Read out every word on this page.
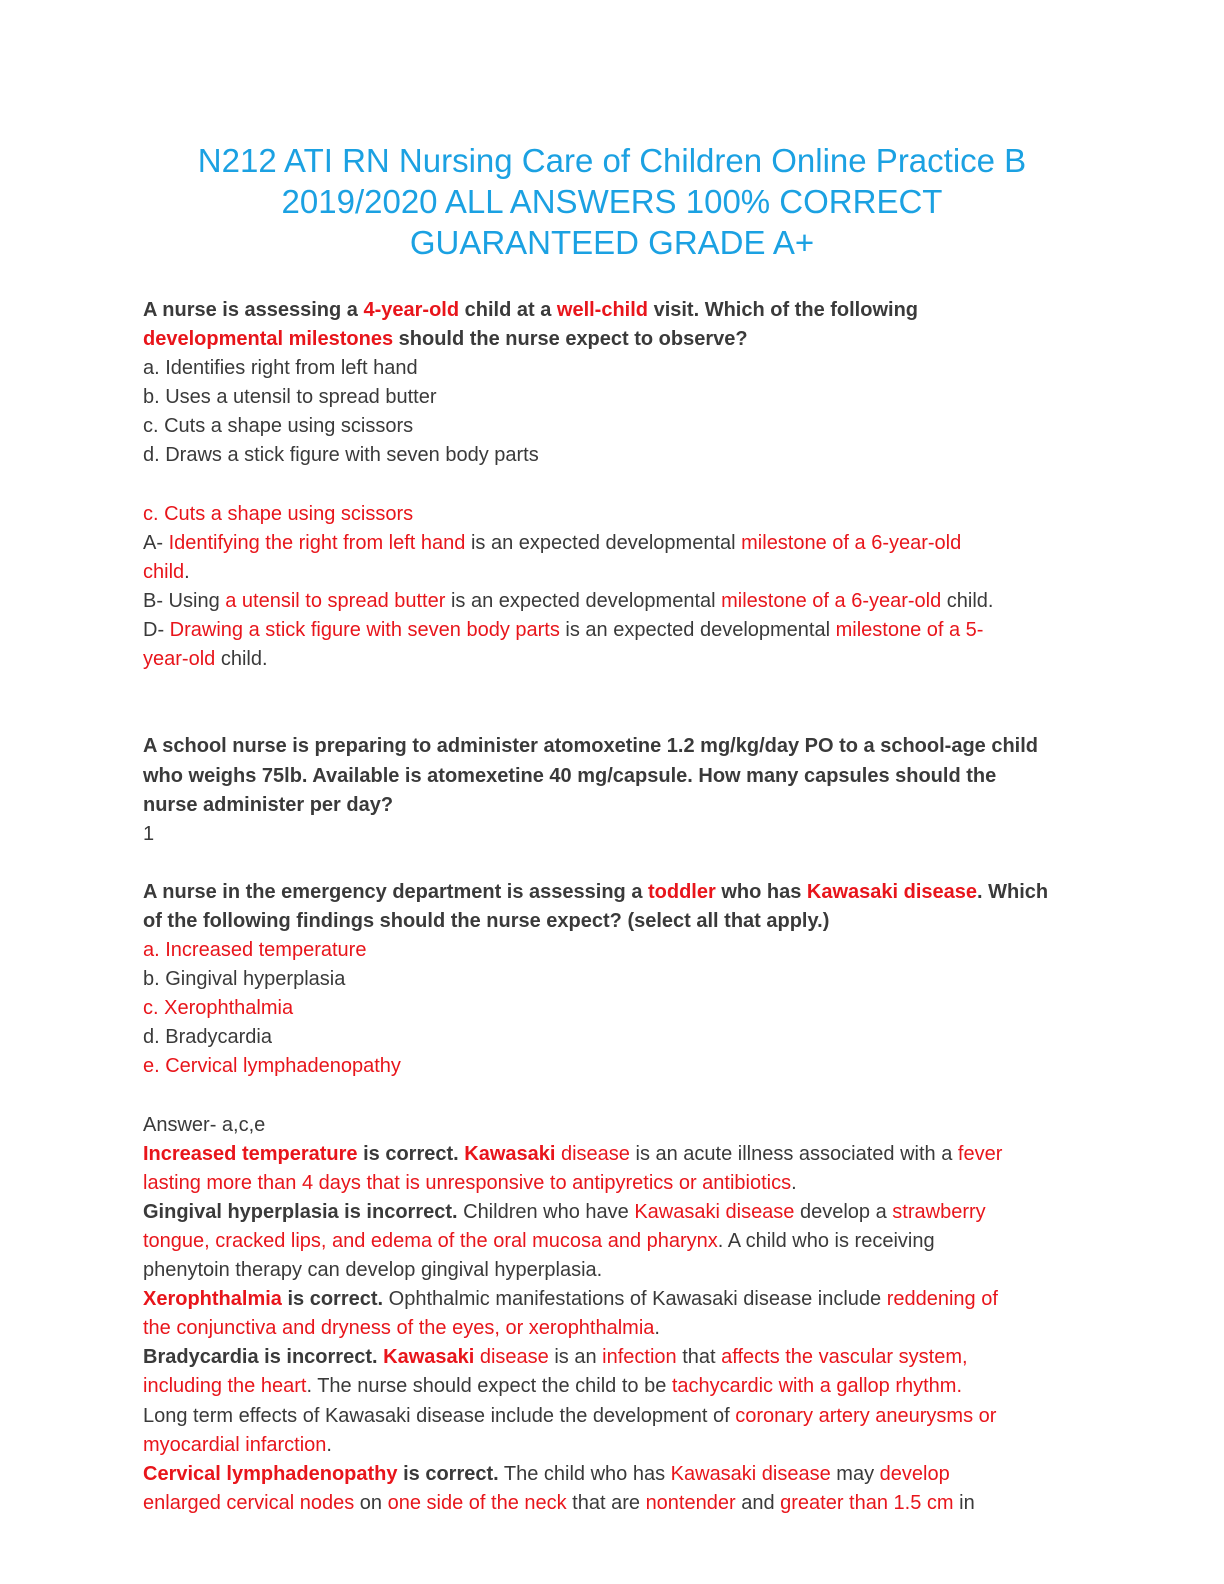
N212 ATI RN Nursing Care of Children Online Practice B
2019/2020 ALL ANSWERS 100% CORRECT
GUARANTEED GRADE A+
A nurse is assessing a 4-year-old child at a well-child visit. Which of the following
developmental milestones should the nurse expect to observe?
a. Identifies right from left hand
b. Uses a utensil to spread butter
c. Cuts a shape using scissors
d. Draws a stick figure with seven body parts
c. Cuts a shape using scissors
A- Identifying the right from left hand is an expected developmental milestone of a 6-year-old
child.
B- Using a utensil to spread butter is an expected developmental milestone of a 6-year-old child.
D- Drawing a stick figure with seven body parts is an expected developmental milestone of a 5-
year-old child.
A school nurse is preparing to administer atomoxetine 1.2 mg/kg/day PO to a school-age child
who weighs 75lb. Available is atomexetine 40 mg/capsule. How many capsules should the
nurse administer per day?
1
A nurse in the emergency department is assessing a toddler who has Kawasaki disease. Which
of the following findings should the nurse expect? (select all that apply.)
a. Increased temperature
b. Gingival hyperplasia
c. Xerophthalmia
d. Bradycardia
e. Cervical lymphadenopathy
Answer- a,c,e
Increased temperature is correct. Kawasaki disease is an acute illness associated with a fever
lasting more than 4 days that is unresponsive to antipyretics or antibiotics.
Gingival hyperplasia is incorrect. Children who have Kawasaki disease develop a strawberry
tongue, cracked lips, and edema of the oral mucosa and pharynx. A child who is receiving
phenytoin therapy can develop gingival hyperplasia.
Xerophthalmia is correct. Ophthalmic manifestations of Kawasaki disease include reddening of
the conjunctiva and dryness of the eyes, or xerophthalmia.
Bradycardia is incorrect. Kawasaki disease is an infection that affects the vascular system,
including the heart. The nurse should expect the child to be tachycardic with a gallop rhythm.
Long term effects of Kawasaki disease include the development of coronary artery aneurysms or
myocardial infarction.
Cervical lymphadenopathy is correct. The child who has Kawasaki disease may develop
enlarged cervical nodes on one side of the neck that are nontender and greater than 1.5 cm in
